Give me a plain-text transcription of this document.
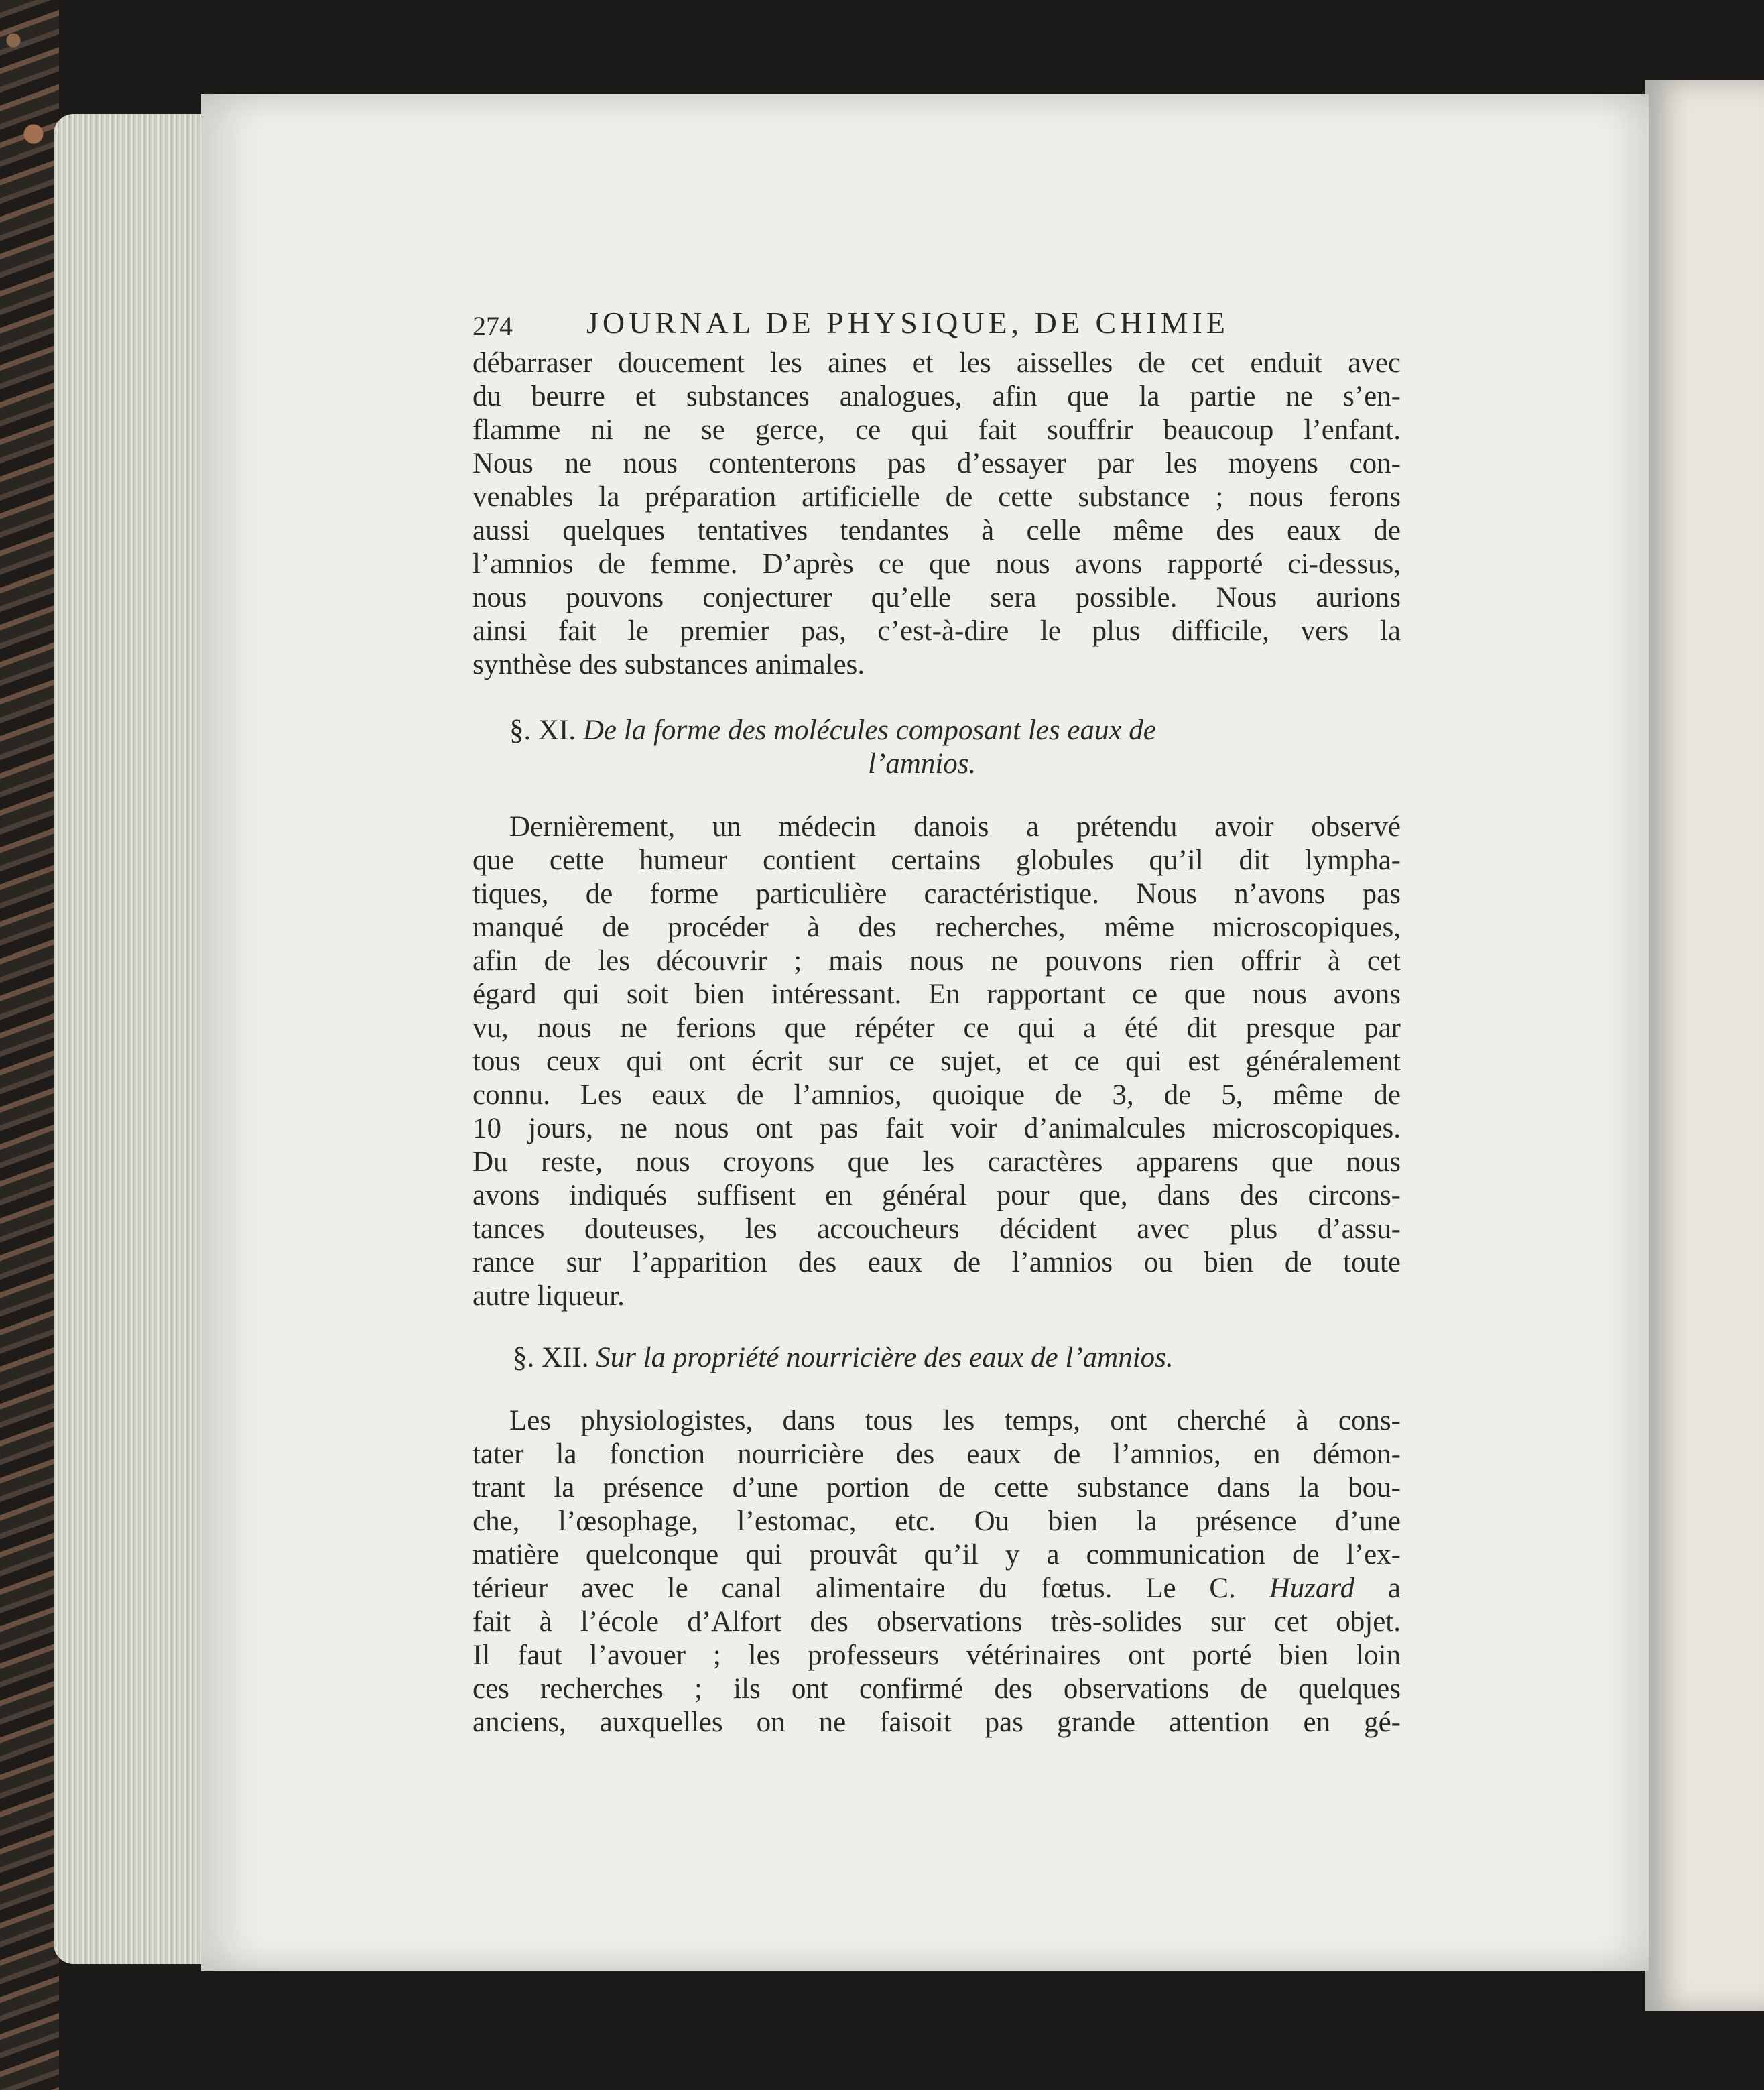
274 JOURNAL DE PHYSIQUE, DE CHIMIE
débarraser doucement les aines et les aisselles de cet enduit avec
du beurre et substances analogues, afin que la partie ne s’en-
flamme ni ne se gerce, ce qui fait souffrir beaucoup l’enfant.
Nous ne nous contenterons pas d’essayer par les moyens con-
venables la préparation artificielle de cette substance ; nous ferons
aussi quelques tentatives tendantes à celle même des eaux de
l’amnios de femme. D’après ce que nous avons rapporté ci-dessus,
nous pouvons conjecturer qu’elle sera possible. Nous aurions
ainsi fait le premier pas, c’est-à-dire le plus difficile, vers la
synthèse des substances animales.
§. XI. De la forme des molécules composant les eaux de
l’amnios.
Dernièrement, un médecin danois a prétendu avoir observé
que cette humeur contient certains globules qu’il dit lympha-
tiques, de forme particulière caractéristique. Nous n’avons pas
manqué de procéder à des recherches, même microscopiques,
afin de les découvrir ; mais nous ne pouvons rien offrir à cet
égard qui soit bien intéressant. En rapportant ce que nous avons
vu, nous ne ferions que répéter ce qui a été dit presque par
tous ceux qui ont écrit sur ce sujet, et ce qui est généralement
connu. Les eaux de l’amnios, quoique de 3, de 5, même de
10 jours, ne nous ont pas fait voir d’animalcules microscopiques.
Du reste, nous croyons que les caractères apparens que nous
avons indiqués suffisent en général pour que, dans des circons-
tances douteuses, les accoucheurs décident avec plus d’assu-
rance sur l’apparition des eaux de l’amnios ou bien de toute
autre liqueur.
§. XII. Sur la propriété nourricière des eaux de l’amnios.
Les physiologistes, dans tous les temps, ont cherché à cons-
tater la fonction nourricière des eaux de l’amnios, en démon-
trant la présence d’une portion de cette substance dans la bou-
che, l’œsophage, l’estomac, etc. Ou bien la présence d’une
matière quelconque qui prouvât qu’il y a communication de l’ex-
térieur avec le canal alimentaire du fœtus. Le C. Huzard a
fait à l’école d’Alfort des observations très-solides sur cet objet.
Il faut l’avouer ; les professeurs vétérinaires ont porté bien loin
ces recherches ; ils ont confirmé des observations de quelques
anciens, auxquelles on ne faisoit pas grande attention en gé-
